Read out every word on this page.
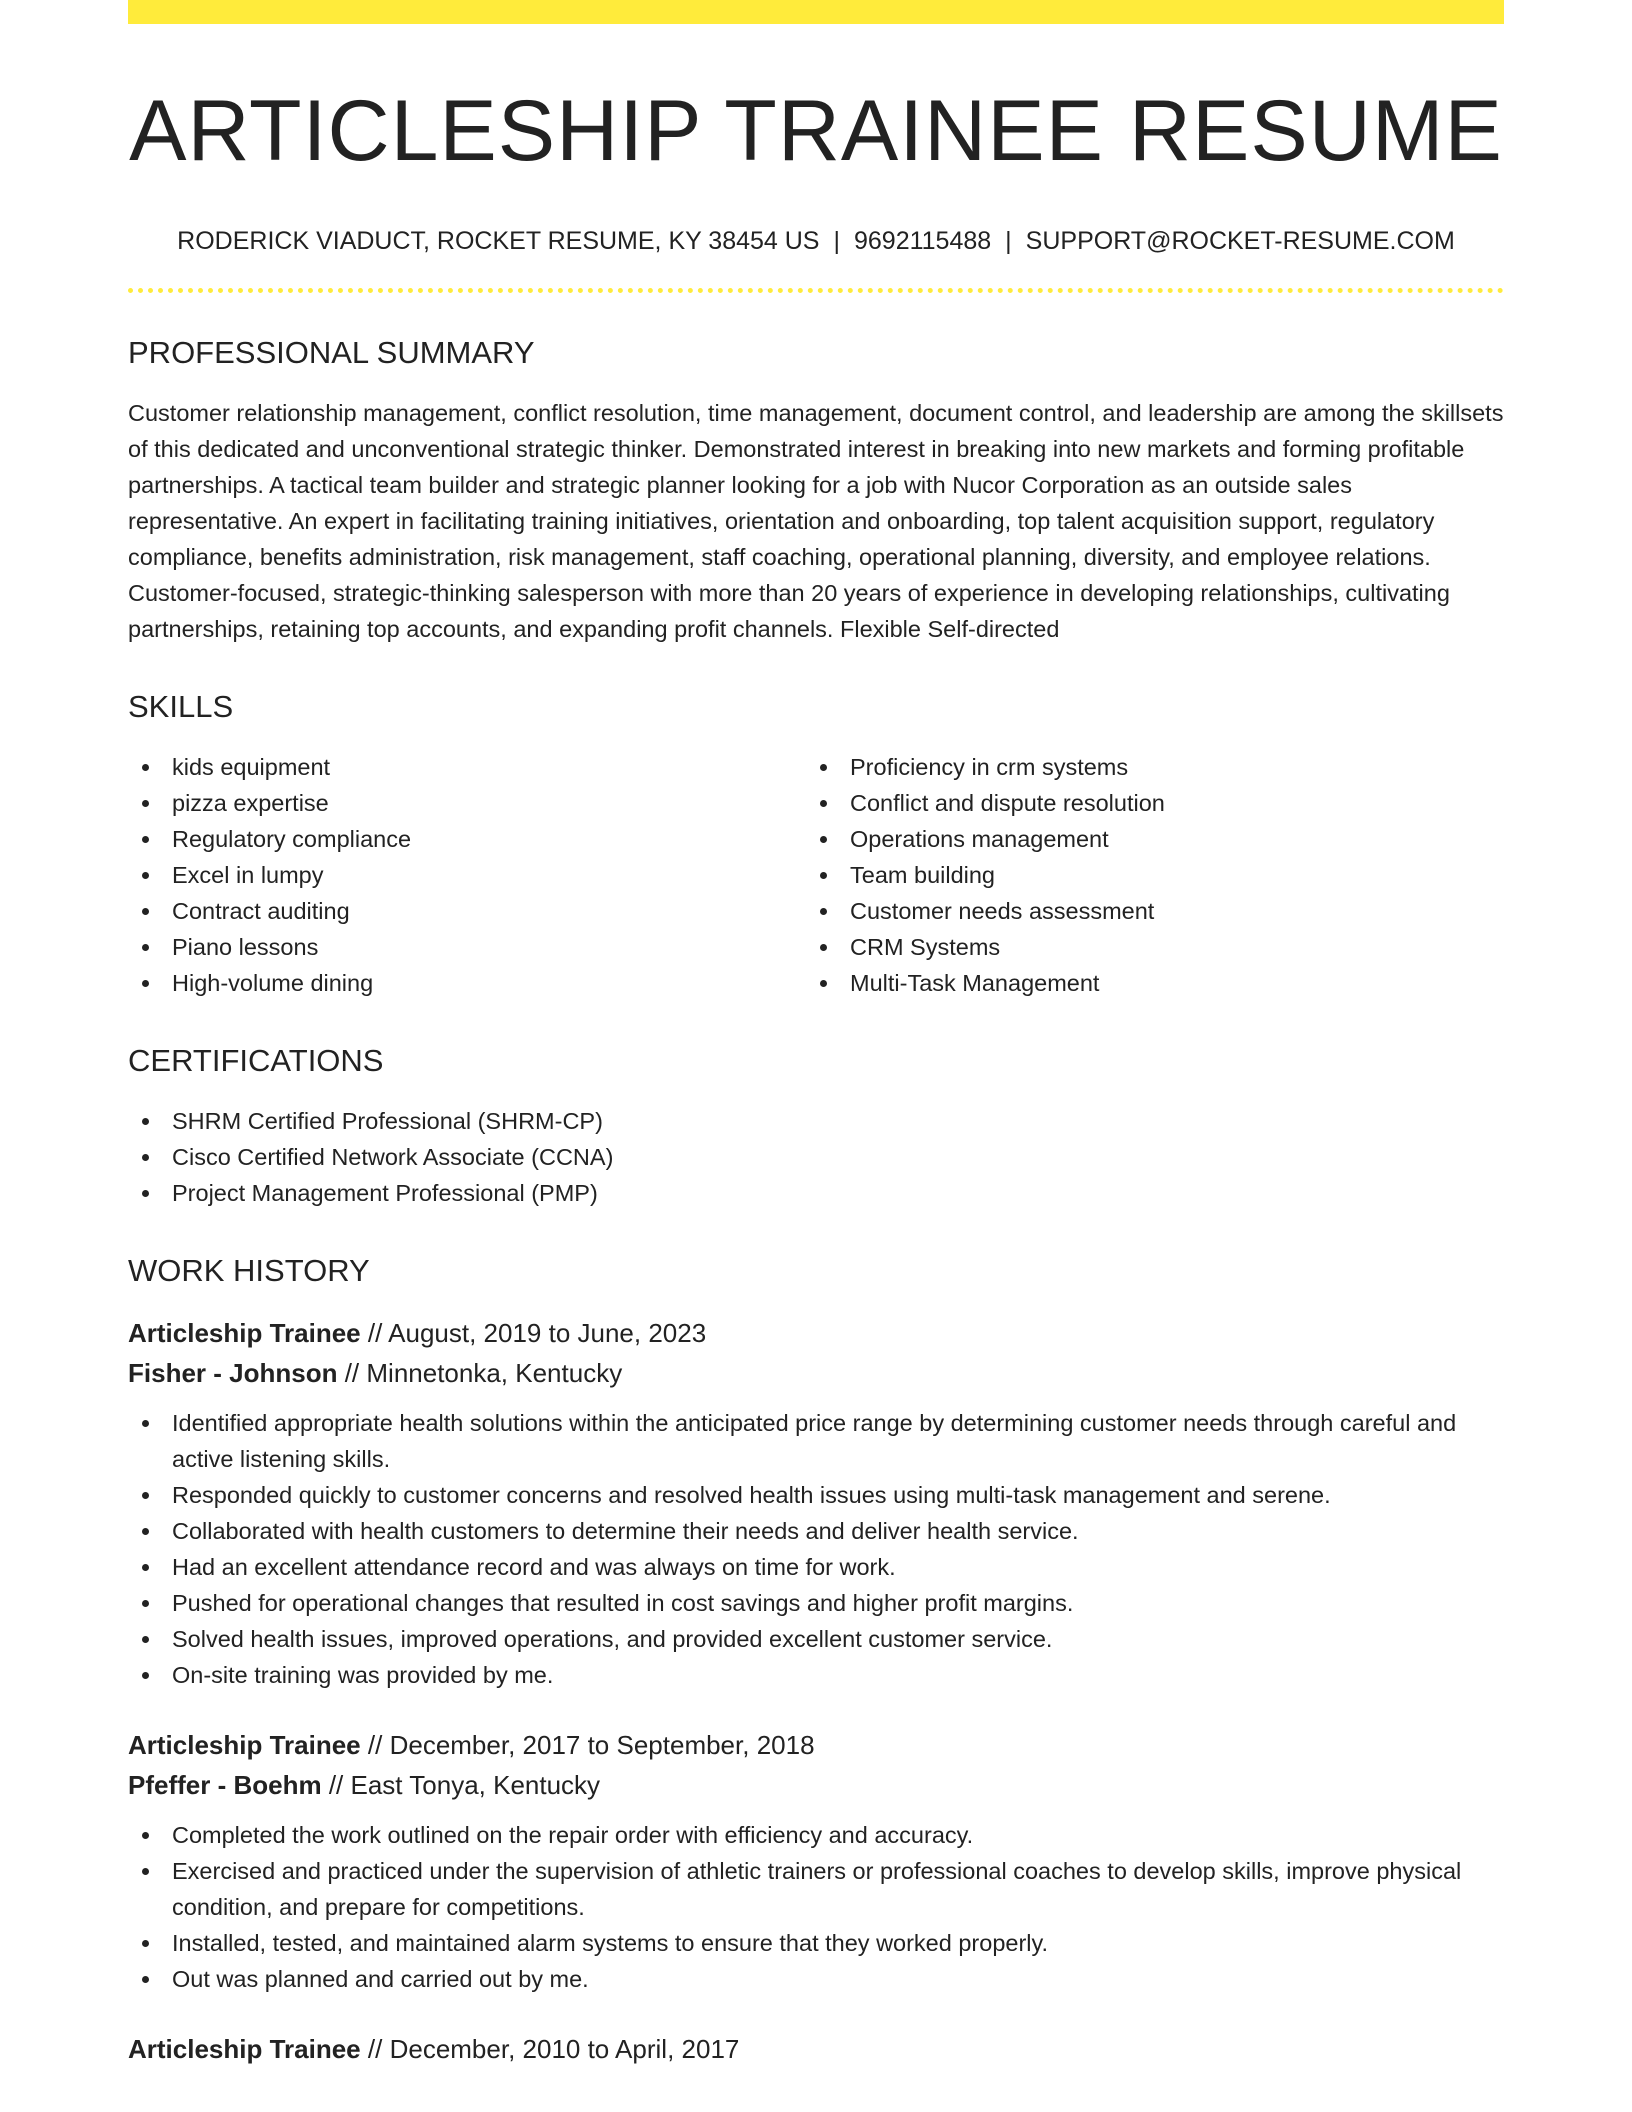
ARTICLESHIP TRAINEE RESUME
RODERICK VIADUCT, ROCKET RESUME, KY 38454 US | 9692115488 | SUPPORT@ROCKET-RESUME.COM
PROFESSIONAL SUMMARY

Customer relationship management, conflict resolution, time management, document control, and leadership are among the skillsets of this dedicated and unconventional strategic thinker. Demonstrated interest in breaking into new markets and forming profitable partnerships. A tactical team builder and strategic planner looking for a job with Nucor Corporation as an outside sales representative. An expert in facilitating training initiatives, orientation and onboarding, top talent acquisition support, regulatory compliance, benefits administration, risk management, staff coaching, operational planning, diversity, and employee relations. Customer-focused, strategic-thinking salesperson with more than 20 years of experience in developing relationships, cultivating partnerships, retaining top accounts, and expanding profit channels. Flexible Self-directed

SKILLS
kids equipment
pizza expertise
Regulatory compliance
Excel in lumpy
Contract auditing
Piano lessons
High-volume dining
Proficiency in crm systems
Conflict and dispute resolution
Operations management
Team building
Customer needs assessment
CRM Systems
Multi-Task Management
CERTIFICATIONS
SHRM Certified Professional (SHRM-CP)
Cisco Certified Network Associate (CCNA)
Project Management Professional (PMP)
WORK HISTORY
Articleship Trainee // August, 2019 to June, 2023
Fisher - Johnson // Minnetonka, Kentucky
Identified appropriate health solutions within the anticipated price range by determining customer needs through careful and active listening skills.
Responded quickly to customer concerns and resolved health issues using multi-task management and serene.
Collaborated with health customers to determine their needs and deliver health service.
Had an excellent attendance record and was always on time for work.
Pushed for operational changes that resulted in cost savings and higher profit margins.
Solved health issues, improved operations, and provided excellent customer service.
On-site training was provided by me.
Articleship Trainee // December, 2017 to September, 2018
Pfeffer - Boehm // East Tonya, Kentucky
Completed the work outlined on the repair order with efficiency and accuracy.
Exercised and practiced under the supervision of athletic trainers or professional coaches to develop skills, improve physical condition, and prepare for competitions.
Installed, tested, and maintained alarm systems to ensure that they worked properly.
Out was planned and carried out by me.
Articleship Trainee // December, 2010 to April, 2017
